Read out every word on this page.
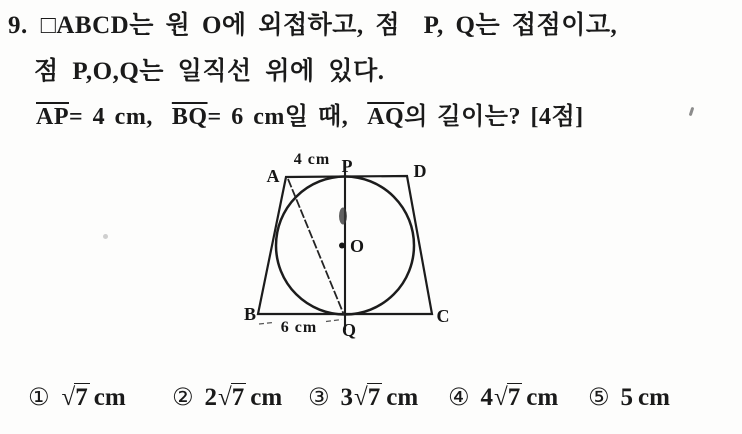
9. □ABCD는 원 O에 외접하고, 점  P, Q는 접점이고,
점 P,O,Q는 일직선 위에 있다.
$\overline{AP}= 4$ cm,  $\overline{BQ}= 6$ cm일 때,  $\overline{AQ}$의 길이는? [4점]
A	D
B	C
P
Q
O
4 cm
6 cm
① √7 cm ② 2√7 cm ③ 3√7 cm ④ 4√7 cm ⑤ 5 cm
